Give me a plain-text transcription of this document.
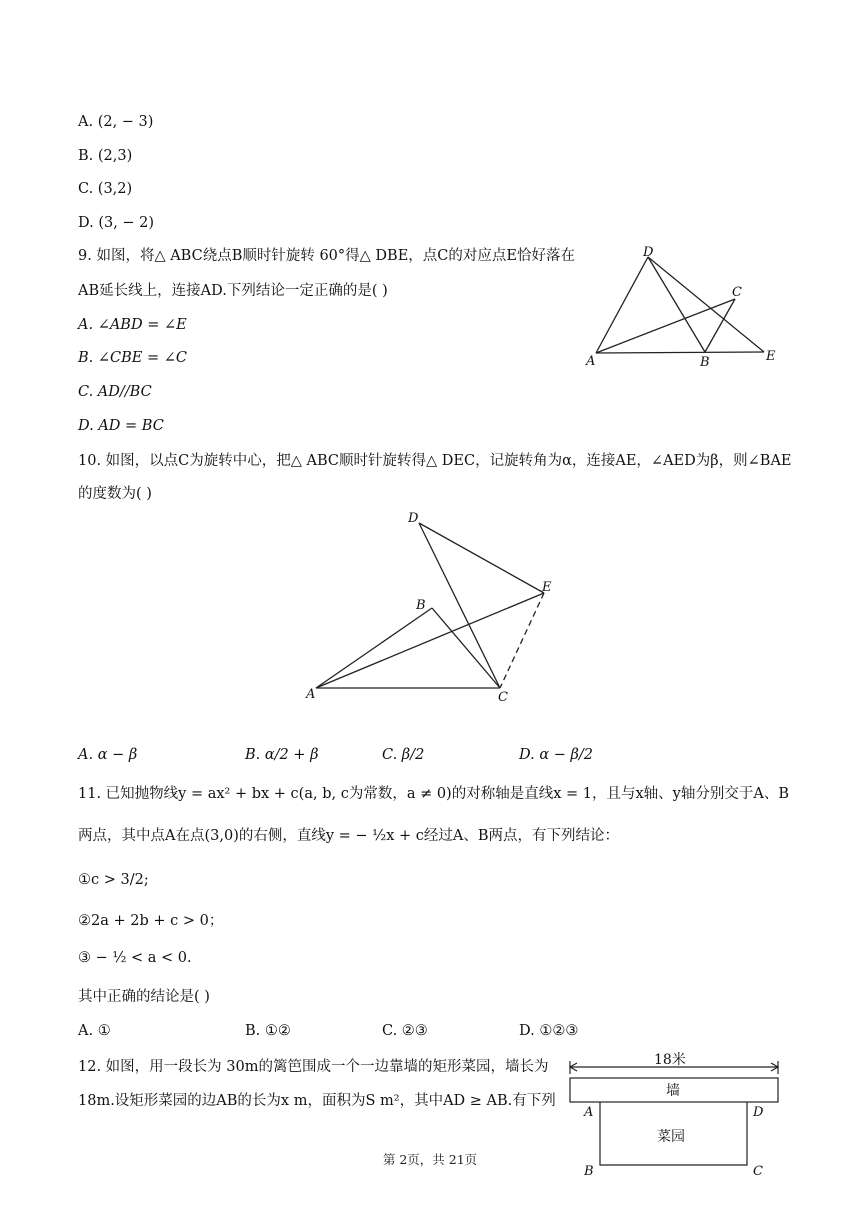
A. (2, − 3)
B. (2,3)
C. (3,2)
D. (3, − 2)
9. 如图，将△ ABC绕点B顺时针旋转 60°得△ DBE，点C的对应点E恰好落在
AB延长线上，连接AD.下列结论一定正确的是( )
A. ∠ABD = ∠E
B. ∠CBE = ∠C
C. AD//BC
D. AD = BC
D
C
A	B	E
10. 如图，以点C为旋转中心，把△ ABC顺时针旋转得△ DEC，记旋转角为α，连接AE，∠AED为β，则∠BAE
的度数为( )
D
E
B
A	C
A. α − β	B. α/2 + β	C. β/2	D. α − β/2
11. 已知抛物线y = ax² + bx + c(a, b, c为常数，a ≠ 0)的对称轴是直线x = 1，且与x轴、y轴分别交于A、B
两点，其中点A在点(3,0)的右侧，直线y = − ½x + c经过A、B两点，有下列结论：
①c > 3/2;
②2a + 2b + c > 0；
③ − ½ < a < 0.
其中正确的结论是( )
A. ①	B. ①②	C. ②③	D. ①②③
12. 如图，用一段长为 30m的篱笆围成一个一边靠墙的矩形菜园，墙长为
18m.设矩形菜园的边AB的长为x m，面积为S m²，其中AD ≥ AB.有下列
18米
墙
菜园
A	D
B	C
第 2页，共 21页
